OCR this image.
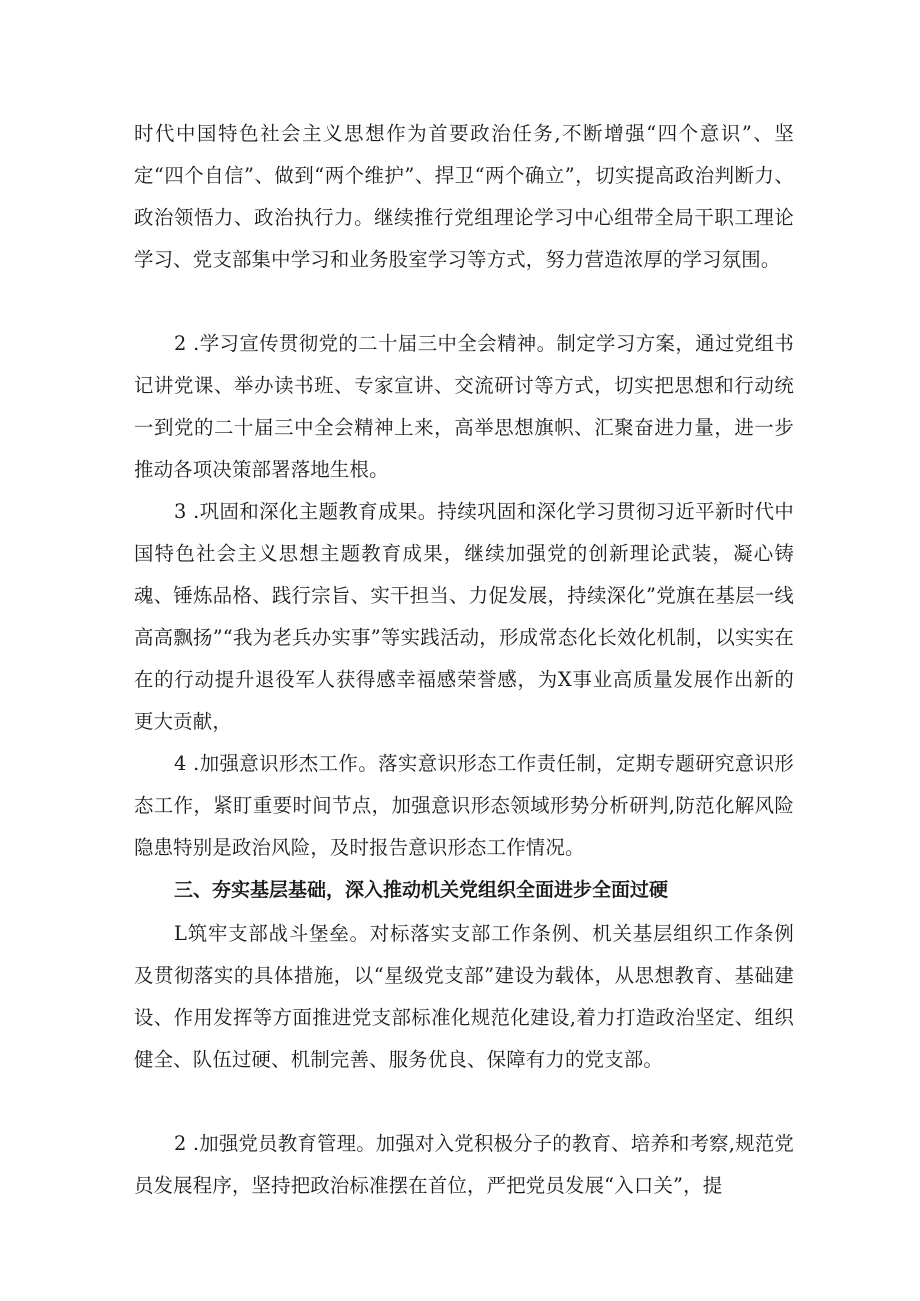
时代中国特色社会主义思想作为首要政治任务,不断增强“四个意识”、坚定“四个自信”、做到“两个维护”、捍卫“两个确立”，切实提高政治判断力、政治领悟力、政治执行力。继续推行党组理论学习中心组带全局干职工理论学习、党支部集中学习和业务股室学习等方式，努力营造浓厚的学习氛围。

2 .学习宣传贯彻党的二十届三中全会精神。制定学习方案，通过党组书记讲党课、举办读书班、专家宣讲、交流研讨等方式，切实把思想和行动统一到党的二十届三中全会精神上来，高举思想旗帜、汇聚奋进力量，进一步推动各项决策部署落地生根。

3 .巩固和深化主题教育成果。持续巩固和深化学习贯彻习近平新时代中国特色社会主义思想主题教育成果，继续加强党的创新理论武装，凝心铸魂、锤炼品格、践行宗旨、实干担当、力促发展，持续深化”党旗在基层一线高高飘扬”“我为老兵办实事”等实践活动，形成常态化长效化机制，以实实在在的行动提升退役军人获得感幸福感荣誉感，为X事业高质量发展作出新的更大贡献，

4 .加强意识形杰工作。落实意识形态工作责任制，定期专题研究意识形态工作，紧盯重要时间节点，加强意识形态领域形势分析研判,防范化解风险隐患特别是政治风险，及时报告意识形态工作情况。

三、夯实基层基础，深入推动机关党组织全面进步全面过硬

L筑牢支部战斗堡垒。对标落实支部工作条例、机关基层组织工作条例及贯彻落实的具体措施，以“星级党支部”建设为载体，从思想教育、基础建设、作用发挥等方面推进党支部标准化规范化建设,着力打造政治坚定、组织健全、队伍过硬、机制完善、服务优良、保障有力的党支部。

2 .加强党员教育管理。加强对入党积极分子的教育、培养和考察,规范党员发展程序，坚持把政治标准摆在首位，严把党员发展“入口关”，提
